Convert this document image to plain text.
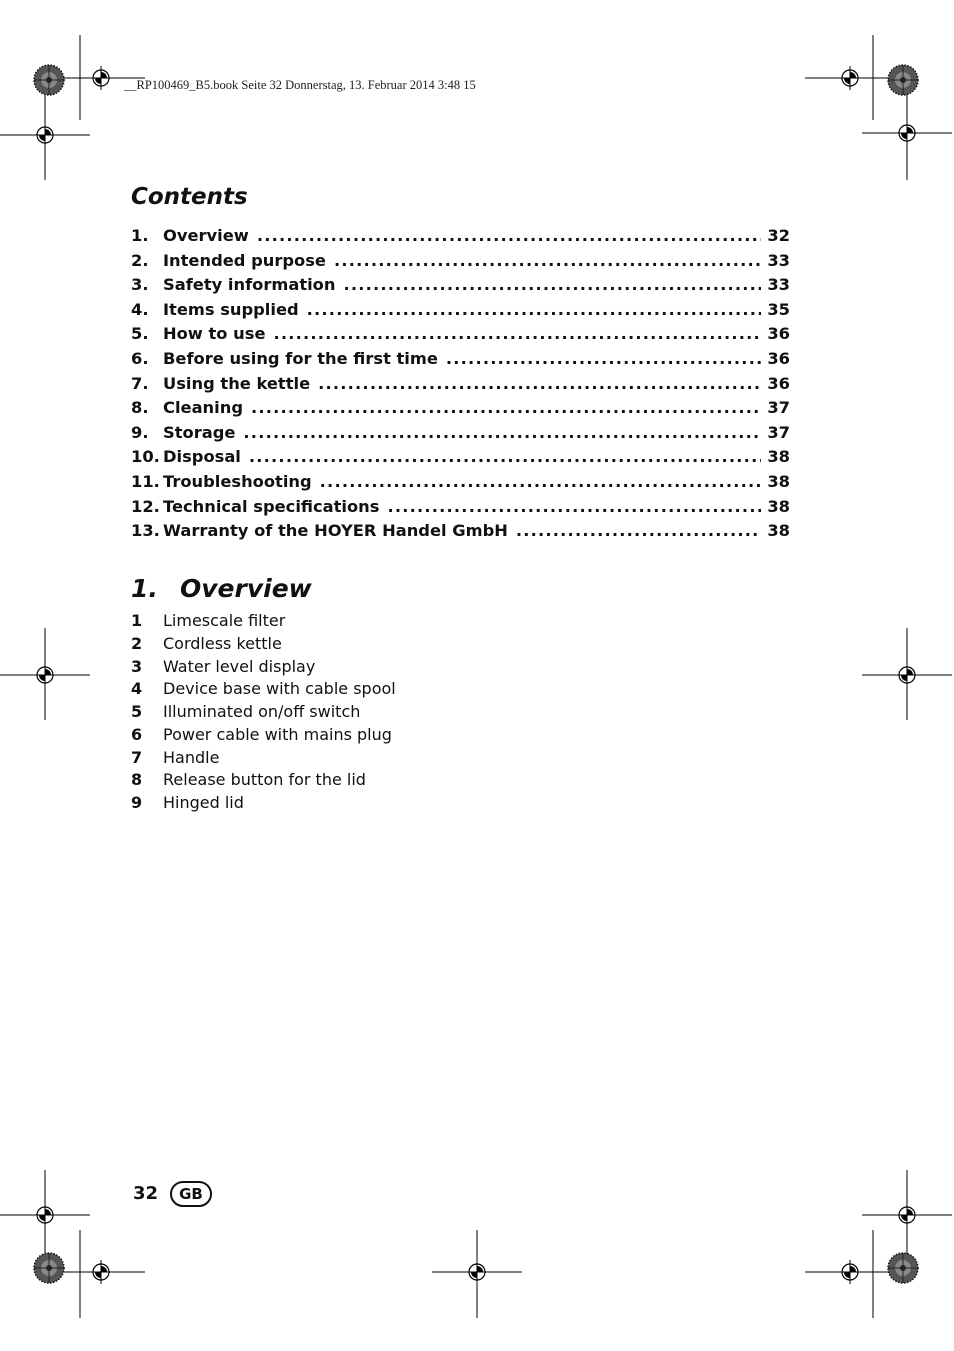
__RP100469_B5.book Seite 32 Donnerstag, 13. Februar 2014 3:48 15
Contents
1. Overview .....	32
2. Intended purpose .....	33
3. Safety information .....	33
4. Items supplied .....	35
5. How to use .....	36
6. Before using for the first time .....	36
7. Using the kettle .....	36
8. Cleaning .....	37
9. Storage .....	37
10. Disposal .....	38
11. Troubleshooting .....	38
12. Technical specifications .....	38
13. Warranty of the HOYER Handel GmbH .....	38
1. Overview
1	Limescale filter
2	Cordless kettle
3	Water level display
4	Device base with cable spool
5	Illuminated on/off switch
6	Power cable with mains plug
7	Handle
8	Release button for the lid
9	Hinged lid
32	GB
